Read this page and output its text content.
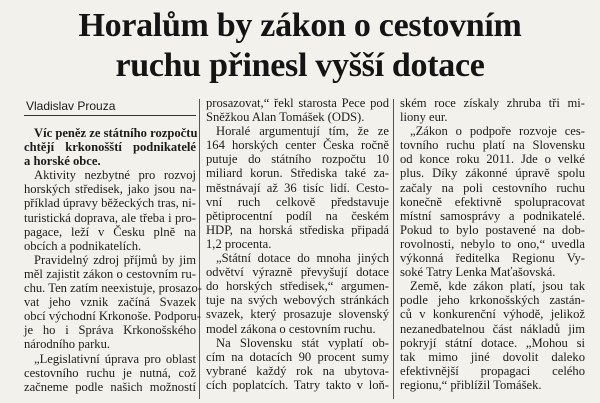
Horalům by zákon o cestovním
ruchu přinesl vyšší dotace
Vladislav Prouza
Víc peněz ze státního rozpočtu
chtějí krkonošští podnikatelé
a horské obce.
Aktivity nezbytné pro rozvoj
horských středisek, jako jsou na-
příklad úpravy běžeckých tras, ni-
turistická doprava, ale třeba i pro-
pagace, leží v Česku plně na
obcích a podnikatelích.
Pravidelný zdroj příjmů by jim
měl zajistit zákon o cestovním ru-
chu. Ten zatím neexistuje, prosazo-
vat jeho vznik začíná Svazek
obcí východní Krkonoše. Podporu-
je ho i Správa Krkonošského
národního parku.
„Legislativní úprava pro oblast
cestovního ruchu je nutná, což
začneme podle našich možností
prosazovat,“ řekl starosta Pece pod
Sněžkou Alan Tomášek (ODS).
Horalé argumentují tím, že ze
164 horských center Česka ročně
putuje do státního rozpočtu 10
miliard korun. Střediska také za-
městnávají až 36 tisíc lidí. Cesto-
vní ruch celkově představuje
pětiprocentní podíl na českém
HDP, na horská střediska připadá
1,2 procenta.
„Státní dotace do mnoha jiných
odvětví výrazně převyšují dotace
do horských středisek,“ argumen-
tuje na svých webových stránkách
svazek, který prosazuje slovenský
model zákona o cestovním ruchu.
Na Slovensku stát vyplatí ob-
cím na dotacích 90 procent sumy
vybrané každý rok na ubytova-
cích poplatcích. Tatry takto v loň-
ském roce získaly zhruba tři mi-
liony eur.
„Zákon o podpoře rozvoje ces-
tovního ruchu platí na Slovensku
od konce roku 2011. Jde o velké
plus. Díky zákonné úpravě spolu
začaly na poli cestovního ruchu
konečně efektivně spolupracovat
místní samosprávy a podnikatelé.
Pokud to bylo postavené na dob-
rovolnosti, nebylo to ono,“ uvedla
výkonná ředitelka Regionu Vy-
soké Tatry Lenka Maťašovská.
Země, kde zákon platí, jsou tak
podle jeho krkonošských zastán-
ců v konkurenční výhodě, jelikož
nezanedbatelnou část nákladů jim
pokryjí státní dotace. „Mohou si
tak mimo jiné dovolit daleko
efektivnější propagaci celého
regionu,“ přiblížil Tomášek.
